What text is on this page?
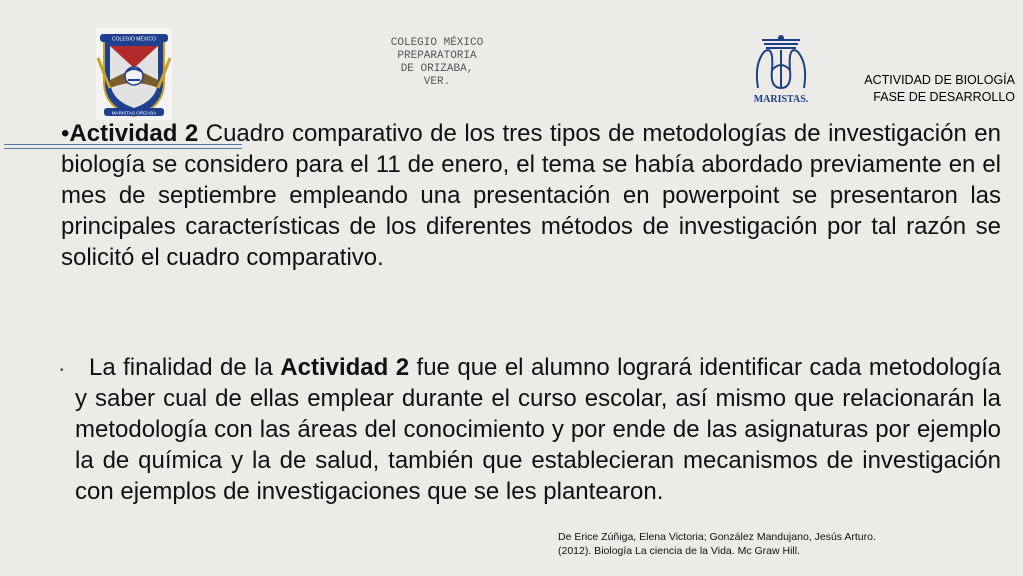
COLEGIO MÉXICO
MARISTAS ORIZABA
COLEGIO MÉXICO
PREPARATORIA
DE ORIZABA,
VER.
MARISTAS.
ACTIVIDAD DE BIOLOGÍA
FASE DE DESARROLLO
•Actividad 2 Cuadro comparativo de los tres tipos de metodologías de investigación en biología se considero para el 11 de enero, el tema se había abordado previamente en el mes de septiembre empleando una presentación en powerpoint se presentaron las principales características de los diferentes métodos de investigación por tal razón se solicitó el cuadro comparativo.
•	La finalidad de la Actividad 2 fue que el alumno logrará identificar cada metodología y saber cual de ellas emplear durante el curso escolar, así mismo que relacionarán la metodología con las áreas del conocimiento y por ende de las asignaturas por ejemplo la de química y la de salud, también que establecieran mecanismos de investigación con ejemplos de investigaciones que se les plantearon.
De Erice Zúñiga, Elena Victoria; González Mandujano, Jesús Arturo.
(2012). Biología La ciencia de la Vida. Mc Graw Hill.
